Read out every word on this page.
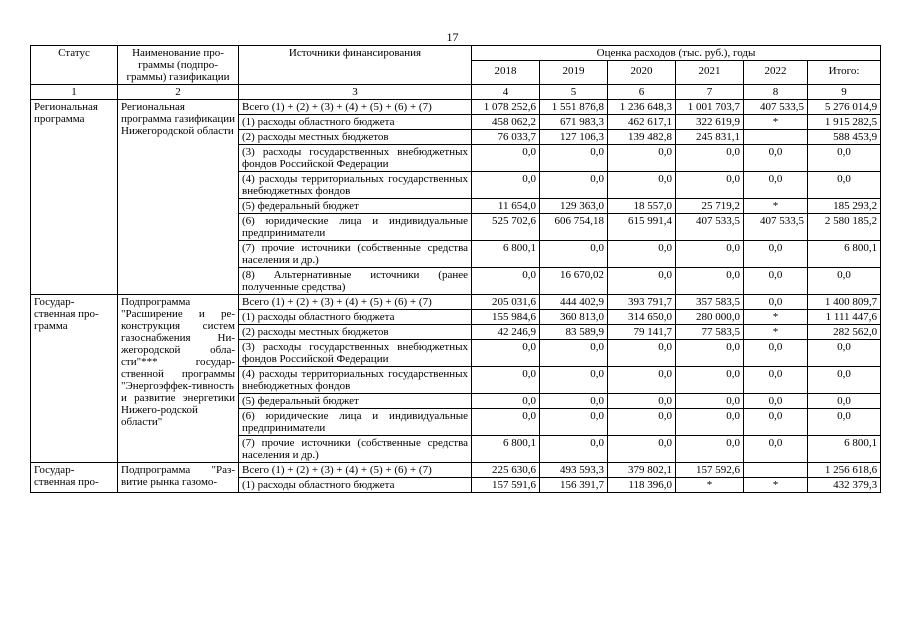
17
Статус	Наименование про-граммы (подпро-граммы) газификации	Источники финансирования	Оценка расходов (тыс. руб.), годы					
			2018	2019	2020	2021	2022	Итого:
1	2	3	4	5	6	7	8	9
Региональная программа	Региональная программа газификации Нижегородской области	Всего (1) + (2) + (3) + (4) + (5) + (6) + (7)	1 078 252,6	1 551 876,8	1 236 648,3	1 001 703,7	407 533,5	5 276 014,9
		(1) расходы областного бюджета	458 062,2	671 983,3	462 617,1	322 619,9	*	1 915 282,5
		(2) расходы местных бюджетов	76 033,7	127 106,3	139 482,8	245 831,1		588 453,9
		(3) расходы государственных внебюджетных фондов Российской Федерации	0,0	0,0	0,0	0,0	0,0	0,0
		(4) расходы территориальных государственных внебюджетных фондов	0,0	0,0	0,0	0,0	0,0	0,0
		(5) федеральный бюджет	11 654,0	129 363,0	18 557,0	25 719,2	*	185 293,2
		(6) юридические лица и индивидуальные предприниматели	525 702,6	606 754,18	615 991,4	407 533,5	407 533,5	2 580 185,2
		(7) прочие источники (собственные средства населения и др.)	6 800,1	0,0	0,0	0,0	0,0	6 800,1
		(8) Альтернативные источники (ранее полученные средства)	0,0	16 670,02	0,0	0,0	0,0	0,0
Государ-ственная про-грамма	Подпрограмма "Расширение и ре-конструкция систем газоснабжения Ни-жегородской обла-сти"*** государ-ственной программы "Энергоэффек-тивность и развитие энергетики Нижего-родской области"	Всего (1) + (2) + (3) + (4) + (5) + (6) + (7)	205 031,6	444 402,9	393 791,7	357 583,5	0,0	1 400 809,7
		(1) расходы областного бюджета	155 984,6	360 813,0	314 650,0	280 000,0	*	1 111 447,6
		(2) расходы местных бюджетов	42 246,9	83 589,9	79 141,7	77 583,5	*	282 562,0
		(3) расходы государственных внебюджетных фондов Российской Федерации	0,0	0,0	0,0	0,0	0,0	0,0
		(4) расходы территориальных государственных внебюджетных фондов	0,0	0,0	0,0	0,0	0,0	0,0
		(5) федеральный бюджет	0,0	0,0	0,0	0,0	0,0	0,0
		(6) юридические лица и индивидуальные предприниматели	0,0	0,0	0,0	0,0	0,0	0,0
		(7) прочие источники (собственные средства населения и др.)	6 800,1	0,0	0,0	0,0	0,0	6 800,1
Государ-ственная про-	Подпрограмма "Раз-витие рынка газомо-	Всего (1) + (2) + (3) + (4) + (5) + (6) + (7)	225 630,6	493 593,3	379 802,1	157 592,6		1 256 618,6
		(1) расходы областного бюджета	157 591,6	156 391,7	118 396,0	*	*	432 379,3
